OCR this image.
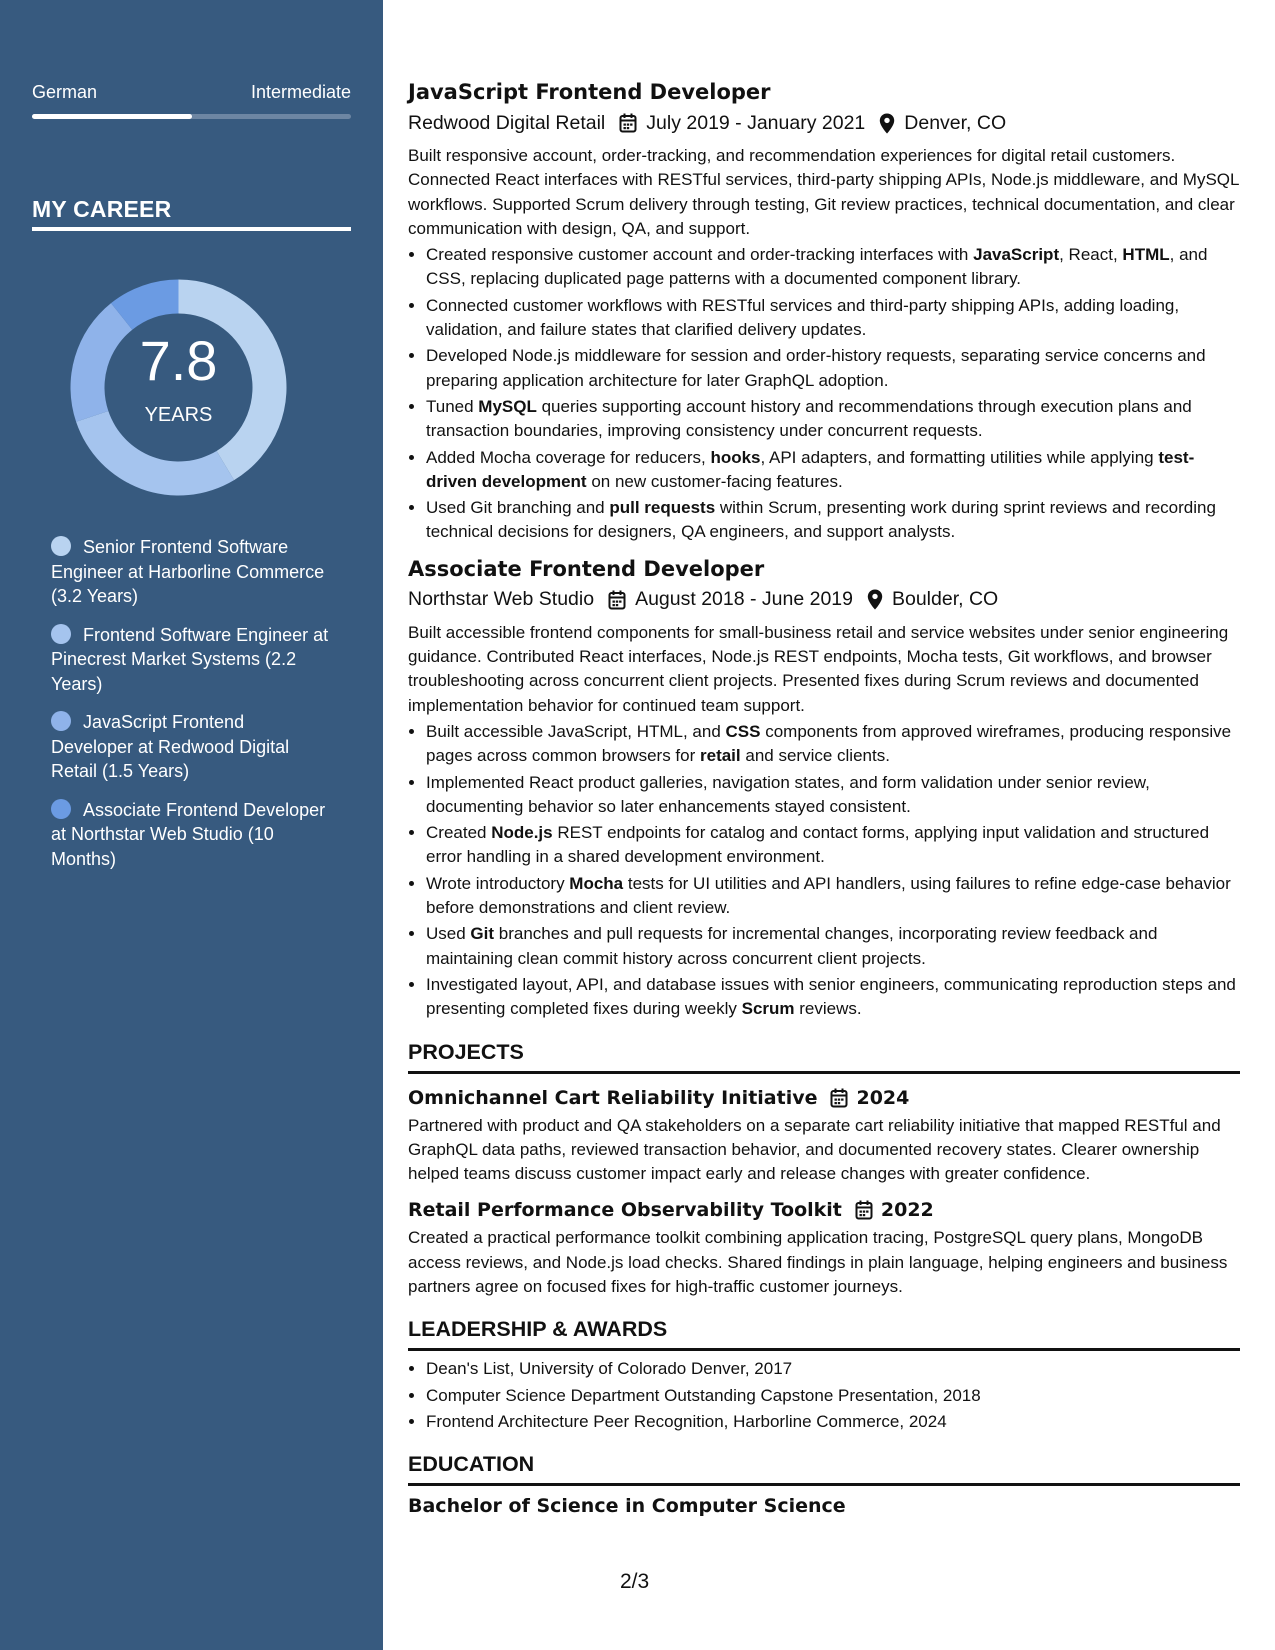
German	Intermediate
MY CAREER
7.8
YEARS
Senior Frontend Software Engineer at Harborline Commerce (3.2 Years)
Frontend Software Engineer at Pinecrest Market Systems (2.2 Years)
JavaScript Frontend Developer at Redwood Digital Retail (1.5 Years)
Associate Frontend Developer at Northstar Web Studio (10 Months)
JavaScript Frontend Developer
Redwood Digital Retail July 2019 - January 2021 Denver, CO
Built responsive account, order-tracking, and recommendation experiences for digital retail customers. Connected React interfaces with RESTful services, third-party shipping APIs, Node.js middleware, and MySQL workflows. Supported Scrum delivery through testing, Git review practices, technical documentation, and clear communication with design, QA, and support.
• Created responsive customer account and order-tracking interfaces with JavaScript, React, HTML, and CSS, replacing duplicated page patterns with a documented component library.
• Connected customer workflows with RESTful services and third-party shipping APIs, adding loading, validation, and failure states that clarified delivery updates.
• Developed Node.js middleware for session and order-history requests, separating service concerns and preparing application architecture for later GraphQL adoption.
• Tuned MySQL queries supporting account history and recommendations through execution plans and transaction boundaries, improving consistency under concurrent requests.
• Added Mocha coverage for reducers, hooks, API adapters, and formatting utilities while applying test-driven development on new customer-facing features.
• Used Git branching and pull requests within Scrum, presenting work during sprint reviews and recording technical decisions for designers, QA engineers, and support analysts.
Associate Frontend Developer
Northstar Web Studio August 2018 - June 2019 Boulder, CO
Built accessible frontend components for small-business retail and service websites under senior engineering guidance. Contributed React interfaces, Node.js REST endpoints, Mocha tests, Git workflows, and browser troubleshooting across concurrent client projects. Presented fixes during Scrum reviews and documented implementation behavior for continued team support.
• Built accessible JavaScript, HTML, and CSS components from approved wireframes, producing responsive pages across common browsers for retail and service clients.
• Implemented React product galleries, navigation states, and form validation under senior review, documenting behavior so later enhancements stayed consistent.
• Created Node.js REST endpoints for catalog and contact forms, applying input validation and structured error handling in a shared development environment.
• Wrote introductory Mocha tests for UI utilities and API handlers, using failures to refine edge-case behavior before demonstrations and client review.
• Used Git branches and pull requests for incremental changes, incorporating review feedback and maintaining clean commit history across concurrent client projects.
• Investigated layout, API, and database issues with senior engineers, communicating reproduction steps and presenting completed fixes during weekly Scrum reviews.
PROJECTS
Omnichannel Cart Reliability Initiative 2024
Partnered with product and QA stakeholders on a separate cart reliability initiative that mapped RESTful and GraphQL data paths, reviewed transaction behavior, and documented recovery states. Clearer ownership helped teams discuss customer impact early and release changes with greater confidence.
Retail Performance Observability Toolkit 2022
Created a practical performance toolkit combining application tracing, PostgreSQL query plans, MongoDB access reviews, and Node.js load checks. Shared findings in plain language, helping engineers and business partners agree on focused fixes for high-traffic customer journeys.
LEADERSHIP & AWARDS
• Dean's List, University of Colorado Denver, 2017
• Computer Science Department Outstanding Capstone Presentation, 2018
• Frontend Architecture Peer Recognition, Harborline Commerce, 2024
EDUCATION
Bachelor of Science in Computer Science
2/3
